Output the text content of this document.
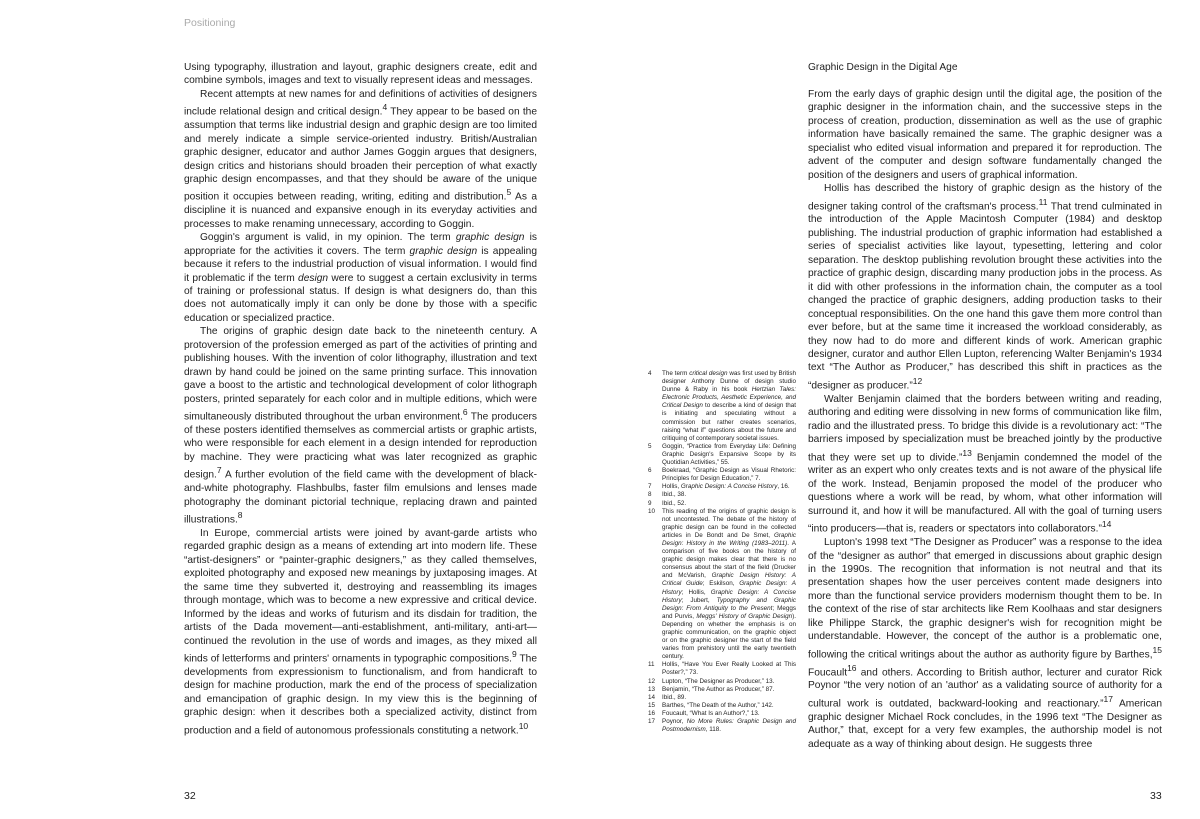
Positioning

Using typography, illustration and layout, graphic designers create, edit and combine symbols, images and text to visually represent ideas and messages.

Recent attempts at new names for and definitions of activities of designers include relational design and critical design.$^4$ They appear to be based on the assumption that terms like industrial design and graphic design are too limited and merely indicate a simple service-oriented industry. British/Australian graphic designer, educator and author James Goggin argues that designers, design critics and historians should broaden their perception of what exactly graphic design encompasses, and that they should be aware of the unique position it occupies between reading, writing, editing and distribution.$^5$ As a discipline it is nuanced and expansive enough in its everyday activities and processes to make renaming unnecessary, according to Goggin.

Goggin's argument is valid, in my opinion. The term graphic design is appropriate for the activities it covers. The term graphic design is appealing because it refers to the industrial production of visual information. I would find it problematic if the term design were to suggest a certain exclusivity in terms of training or professional status. If design is what designers do, than this does not automatically imply it can only be done by those with a specific education or specialized practice.

The origins of graphic design date back to the nineteenth century. A protoversion of the profession emerged as part of the activities of printing and publishing houses. With the invention of color lithography, illustration and text drawn by hand could be joined on the same printing surface. This innovation gave a boost to the artistic and technological development of color lithograph posters, printed separately for each color and in multiple editions, which were simultaneously distributed throughout the urban environment.$^6$ The producers of these posters identified themselves as commercial artists or graphic artists, who were responsible for each element in a design intended for reproduction by machine. They were practicing what was later recognized as graphic design.$^7$ A further evolution of the field came with the development of black-and-white photography. Flashbulbs, faster film emulsions and lenses made photography the dominant pictorial technique, replacing drawn and painted illustrations.$^8$

In Europe, commercial artists were joined by avant-garde artists who regarded graphic design as a means of extending art into modern life. These “artist-designers” or “painter-graphic designers,” as they called themselves, exploited photography and exposed new meanings by juxtaposing images. At the same time they subverted it, destroying and reassembling its images through montage, which was to become a new expressive and critical device. Informed by the ideas and works of futurism and its disdain for tradition, the artists of the Dada movement—anti-establishment, anti-military, anti-art—continued the revolution in the use of words and images, as they mixed all kinds of letterforms and printers' ornaments in typographic compositions.$^9$ The developments from expressionism to functionalism, and from handicraft to design for machine production, mark the end of the process of specialization and emancipation of graphic design. In my view this is the beginning of graphic design: when it describes both a specialized activity, distinct from production and a field of autonomous professionals constituting a network.$^{10}$

4	The term critical design was first used by British designer Anthony Dunne of design studio Dunne & Raby in his book Hertzian Tales: Electronic Products, Aesthetic Experience, and Critical Design to describe a kind of design that is initiating and speculating without a commission but rather creates scenarios, raising “what if” questions about the future and critiquing of contemporary societal issues.
5	Goggin, “Practice from Everyday Life: Defining Graphic Design's Expansive Scope by its Quotidian Activities,” 55.
6	Boekraad, “Graphic Design as Visual Rhetoric: Principles for Design Education,” 7.
7	Hollis, Graphic Design: A Concise History, 16.
8	Ibid., 38.
9	Ibid., 52.
10	This reading of the origins of graphic design is not uncontested. The debate of the history of graphic design can be found in the collected articles in De Bondt and De Smet, Graphic Design: History in the Writing (1983–2011). A comparison of five books on the history of graphic design makes clear that there is no consensus about the start of the field (Drucker and McVarish, Graphic Design History: A Critical Guide; Eskilson, Graphic Design: A History; Hollis, Graphic Design: A Concise History; Jubert, Typography and Graphic Design: From Antiquity to the Present; Meggs and Purvis, Meggs' History of Graphic Design). Depending on whether the emphasis is on graphic communication, on the graphic object or on the graphic designer the start of the field varies from prehistory until the early twentieth century.
11	Hollis, “Have You Ever Really Looked at This Poster?,” 73.
12	Lupton, “The Designer as Producer,” 13.
13	Benjamin, “The Author as Producer,” 87.
14	Ibid., 89.
15	Barthes, “The Death of the Author,” 142.
16	Foucault, “What Is an Author?,” 13.
17	Poynor, No More Rules: Graphic Design and Postmodernism, 118.
Graphic Design in the Digital Age

From the early days of graphic design until the digital age, the position of the graphic designer in the information chain, and the successive steps in the process of creation, production, dissemination as well as the use of graphic information have basically remained the same. The graphic designer was a specialist who edited visual information and prepared it for reproduction. The advent of the computer and design software fundamentally changed the position of the designers and users of graphical information.

Hollis has described the history of graphic design as the history of the designer taking control of the craftsman's process.$^{11}$ That trend culminated in the introduction of the Apple Macintosh Computer (1984) and desktop publishing. The industrial production of graphic information had established a series of specialist activities like layout, typesetting, lettering and color separation. The desktop publishing revolution brought these activities into the practice of graphic design, discarding many production jobs in the process. As it did with other professions in the information chain, the computer as a tool changed the practice of graphic designers, adding production tasks to their conceptual responsibilities. On the one hand this gave them more control than ever before, but at the same time it increased the workload considerably, as they now had to do more and different kinds of work. American graphic designer, curator and author Ellen Lupton, referencing Walter Benjamin's 1934 text “The Author as Producer,” has described this shift in practices as the “designer as producer.”$^{12}$

Walter Benjamin claimed that the borders between writing and reading, authoring and editing were dissolving in new forms of communication like film, radio and the illustrated press. To bridge this divide is a revolutionary act: “The barriers imposed by specialization must be breached jointly by the productive that they were set up to divide.”$^{13}$ Benjamin condemned the model of the writer as an expert who only creates texts and is not aware of the physical life of the work. Instead, Benjamin proposed the model of the producer who questions where a work will be read, by whom, what other information will surround it, and how it will be manufactured. All with the goal of turning users “into producers—that is, readers or spectators into collaborators.”$^{14}$

Lupton's 1998 text “The Designer as Producer” was a response to the idea of the “designer as author” that emerged in discussions about graphic design in the 1990s. The recognition that information is not neutral and that its presentation shapes how the user perceives content made designers into more than the functional service providers modernism thought them to be. In the context of the rise of star architects like Rem Koolhaas and star designers like Philippe Starck, the graphic designer's wish for recognition might be understandable. However, the concept of the author is a problematic one, following the critical writings about the author as authority figure by Barthes,$^{15}$ Foucault$^{16}$ and others. According to British author, lecturer and curator Rick Poynor “the very notion of an 'author' as a validating source of authority for a cultural work is outdated, backward-looking and reactionary.”$^{17}$ American graphic designer Michael Rock concludes, in the 1996 text “The Designer as Author,” that, except for a very few examples, the authorship model is not adequate as a way of thinking about design. He suggests three

32	33
